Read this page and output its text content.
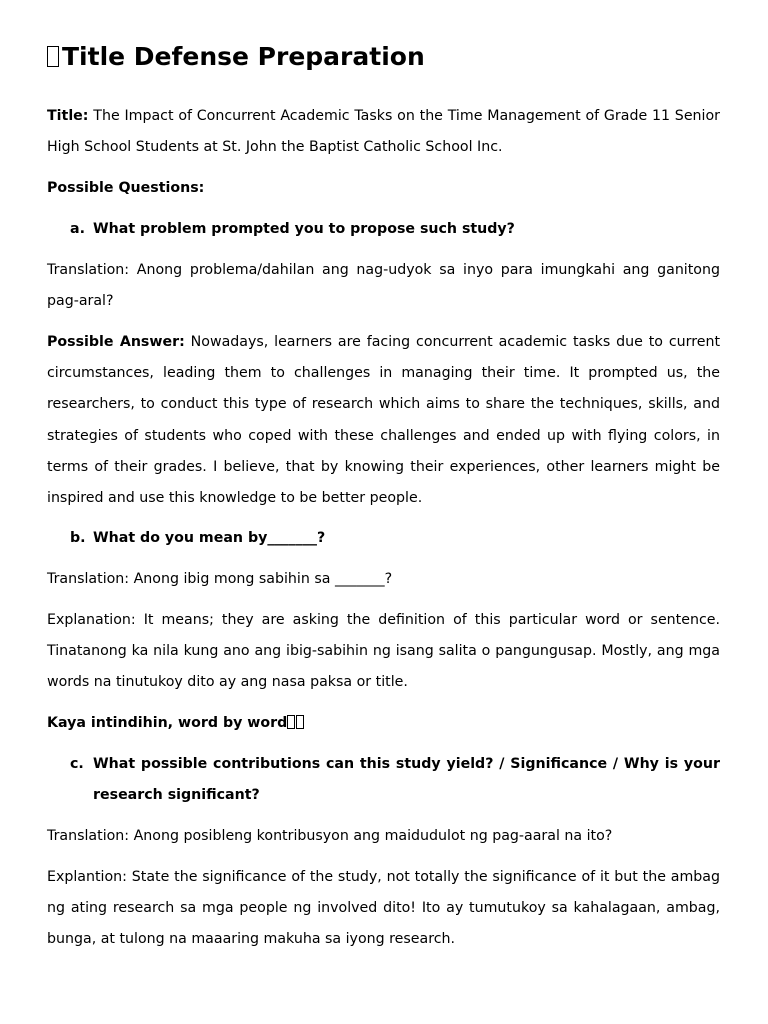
Title Defense Preparation

Title: The Impact of Concurrent Academic Tasks on the Time Management of Grade 11 Senior High School Students at St. John the Baptist Catholic School Inc.

Possible Questions:

a. What problem prompted you to propose such study?

Translation: Anong problema/dahilan ang nag-udyok sa inyo para imungkahi ang ganitong pag-aral?

Possible Answer: Nowadays, learners are facing concurrent academic tasks due to current circumstances, leading them to challenges in managing their time. It prompted us, the researchers, to conduct this type of research which aims to share the techniques, skills, and strategies of students who coped with these challenges and ended up with flying colors, in terms of their grades. I believe, that by knowing their experiences, other learners might be inspired and use this knowledge to be better people.

b. What do you mean by_______?

Translation: Anong ibig mong sabihin sa _______?

Explanation: It means; they are asking the definition of this particular word or sentence. Tinatanong ka nila kung ano ang ibig-sabihin ng isang salita o pangungusap. Mostly, ang mga words na tinutukoy dito ay ang nasa paksa or title.

Kaya intindihin, word by word

c. What possible contributions can this study yield? / Significance / Why is your
research significant?

Translation: Anong posibleng kontribusyon ang maidudulot ng pag-aaral na ito?

Explantion: State the significance of the study, not totally the significance of it but the ambag ng ating research sa mga people ng involved dito! Ito ay tumutukoy sa kahalagaan, ambag, bunga, at tulong na maaaring makuha sa iyong research.
